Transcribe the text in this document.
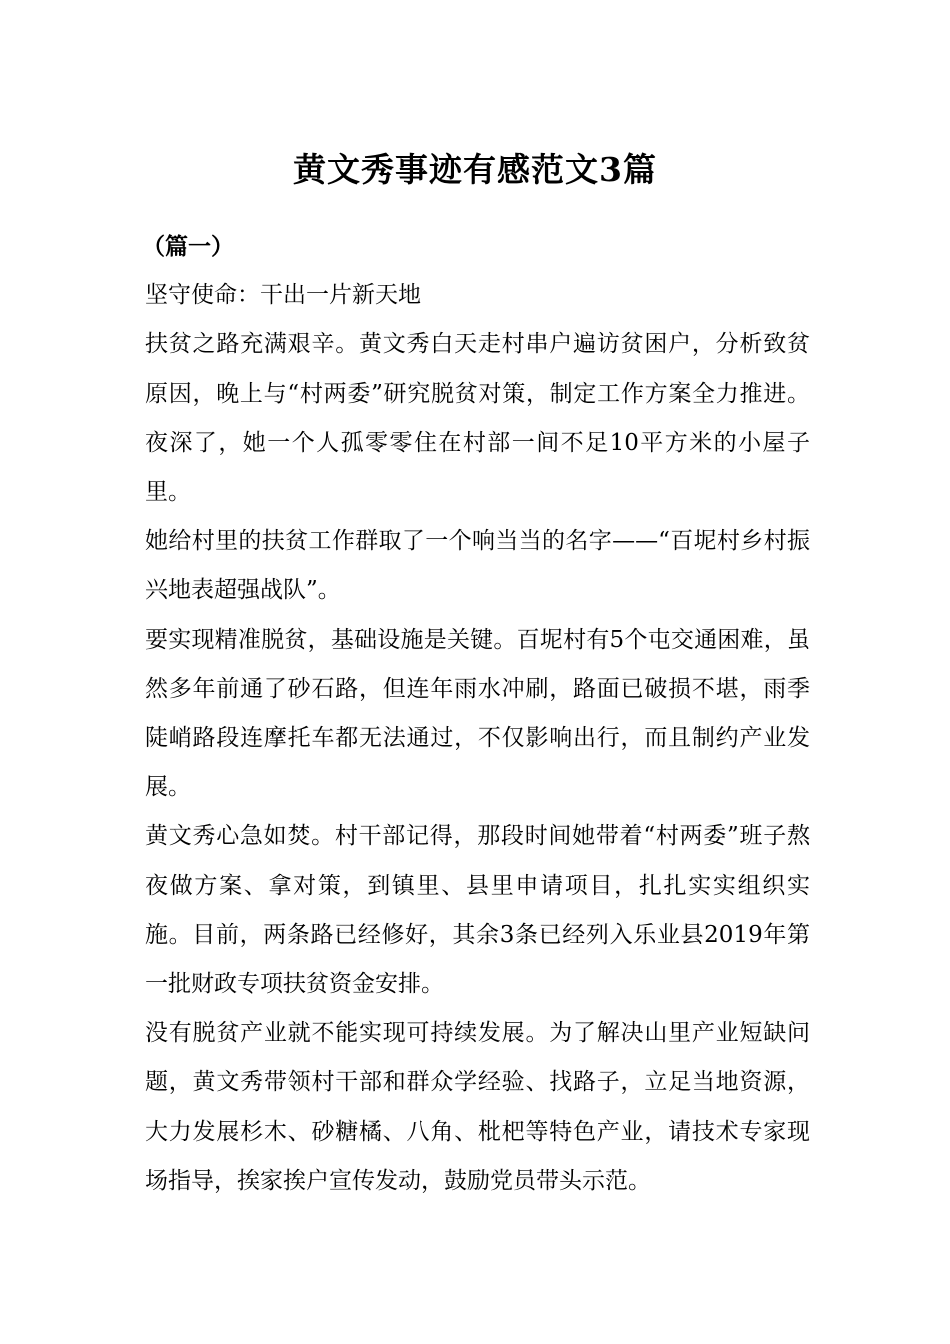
黄文秀事迹有感范文3篇

（篇一）

坚守使命：干出一片新天地

扶贫之路充满艰辛。黄文秀白天走村串户遍访贫困户，分析致贫原因，晚上与“村两委”研究脱贫对策，制定工作方案全力推进。夜深了，她一个人孤零零住在村部一间不足10平方米的小屋子里。

她给村里的扶贫工作群取了一个响当当的名字——“百坭村乡村振兴地表超强战队”。

要实现精准脱贫，基础设施是关键。百坭村有5个屯交通困难，虽然多年前通了砂石路，但连年雨水冲刷，路面已破损不堪，雨季陡峭路段连摩托车都无法通过，不仅影响出行，而且制约产业发展。

黄文秀心急如焚。村干部记得，那段时间她带着“村两委”班子熬夜做方案、拿对策，到镇里、县里申请项目，扎扎实实组织实施。目前，两条路已经修好，其余3条已经列入乐业县2019年第一批财政专项扶贫资金安排。

没有脱贫产业就不能实现可持续发展。为了解决山里产业短缺问题，黄文秀带领村干部和群众学经验、找路子，立足当地资源，大力发展杉木、砂糖橘、八角、枇杷等特色产业，请技术专家现场指导，挨家挨户宣传发动，鼓励党员带头示范。
